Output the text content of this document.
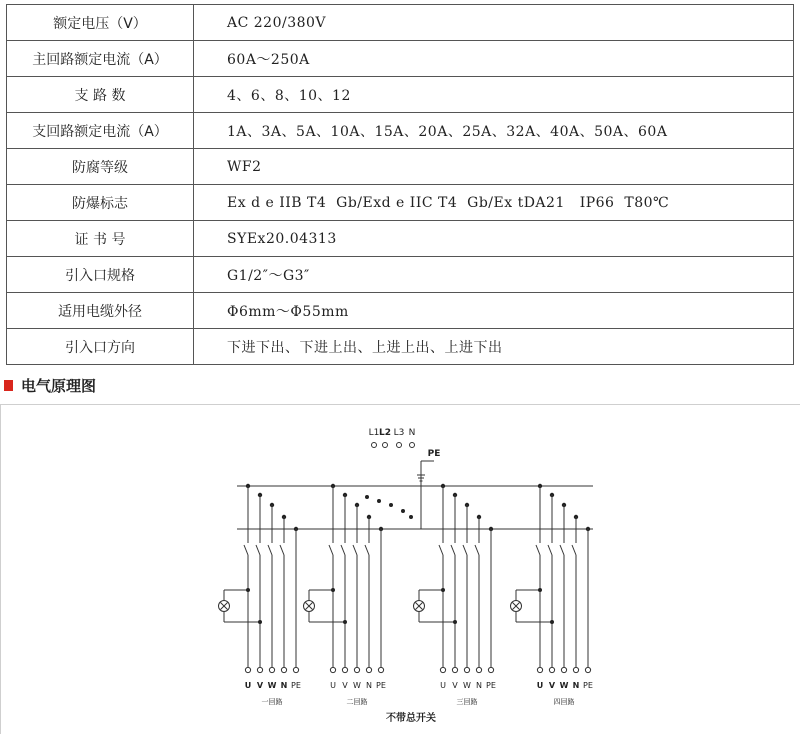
额定电压（V）	AC 220/380V
主回路额定电流（A）	60A～250A
支 路 数	4、6、8、10、12
支回路额定电流（A）	1A、3A、5A、10A、15A、20A、25A、32A、40A、50A、60A
防腐等级	WF2
防爆标志	Ex d e IIB T4  Gb/Exd e IIC T4  Gb/Ex tDA21   IP66  T80℃
证 书 号	SYEx20.04313
引入口规格	G1/2″～G3″
适用电缆外径	Φ6mm～Φ55mm
引入口方向	下进下出、下进上出、上进上出、上进下出
电气原理图
L1 L2 L3 N
PE
U V W N PE
一回路
U V W N PE
二回路
U V W N PE
三回路
U V W N PE
四回路
不带总开关
